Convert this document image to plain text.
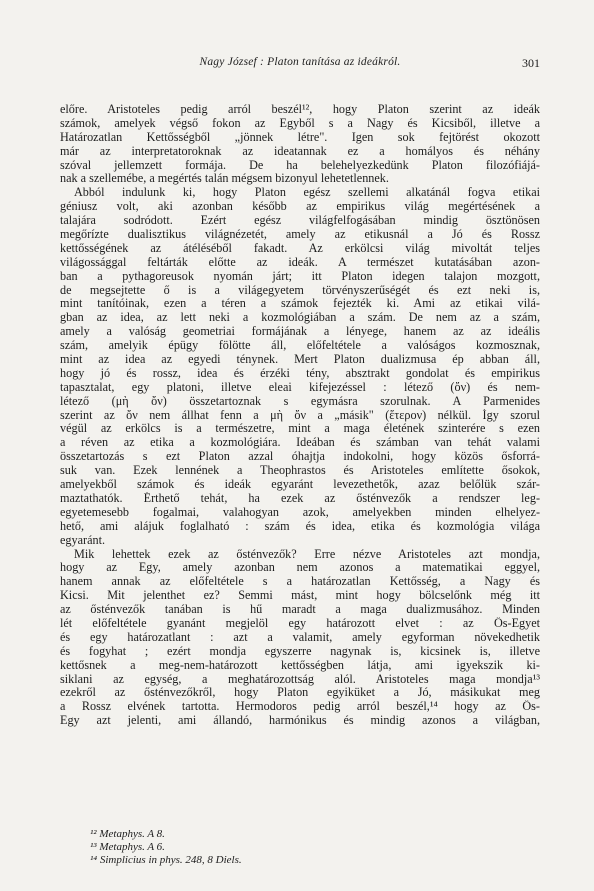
Nagy József : Platon tanítása az ideákról.	301
előre. Aristoteles pedig arról beszél¹², hogy Platon szerint az ideák
számok, amelyek végső fokon az Egyből s a Nagy és Kicsiből, illetve a
Határozatlan Kettősségből „jönnek létre". Igen sok fejtörést okozott
már az interpretatoroknak az ideatannak ez a homályos és néhány
szóval jellemzett formája. De ha belehelyezkedünk Platon filozófiájá-
nak a szellemébe, a megértés talán mégsem bizonyul lehetetlennek.
Abból indulunk ki, hogy Platon egész szellemi alkatánál fogva etikai
géniusz volt, aki azonban később az empirikus világ megértésének a
talajára sodródott. Ezért egész világfelfogásában mindig ösztönösen
megőrízte dualisztikus világnézetét, amely az etikusnál a Jó és Rossz
kettősségének az átéléséből fakadt. Az erkölcsi világ mivoltát teljes
világossággal feltárták előtte az ideák. A természet kutatásában azon-
ban a pythagoreusok nyomán járt; itt Platon idegen talajon mozgott,
de megsejtette ő is a világegyetem törvényszerűségét és ezt neki is,
mint tanítóinak, ezen a téren a számok fejezték ki. Ami az etikai vilá-
gban az idea, az lett neki a kozmológiában a szám. De nem az a szám,
amely a valóság geometriai formájának a lényege, hanem az az ideális
szám, amelyik épügy fölötte áll, előfeltétele a valóságos kozmosznak,
mint az idea az egyedi ténynek. Mert Platon dualizmusa ép abban áll,
hogy jó és rossz, idea és érzéki tény, absztrakt gondolat és empirikus
tapasztalat, egy platoni, illetve eleai kifejezéssel : létező (ὄν) és nem-
létező (μὴ ὄν) összetartoznak s egymásra szorulnak. A Parmenides
szerint az ὄν nem állhat fenn a μὴ ὄν a „másik" (ἕτερον) nélkül. Így szorul
végül az erkölcs is a természetre, mint a maga életének szinterére s ezen
a réven az etika a kozmológiára. Ideában és számban van tehát valami
összetartozás s ezt Platon azzal óhajtja indokolni, hogy közös ősforrá-
suk van. Ezek lennének a Theophrastos és Aristoteles említette ősokok,
amelyekből számok és ideák egyaránt levezethetők, azaz belőlük szár-
maztathatók. Érthető tehát, ha ezek az ősténvezők a rendszer leg-
egyetemesebb fogalmai, valahogyan azok, amelyekben minden elhelyez-
hető, ami alájuk foglalható : szám és idea, etika és kozmológia világa
egyaránt.
Mik lehettek ezek az ősténvezők? Erre nézve Aristoteles azt mondja,
hogy az Egy, amely azonban nem azonos a matematikai eggyel,
hanem annak az előfeltétele s a határozatlan Kettősség, a Nagy és
Kicsi. Mit jelenthet ez? Semmi mást, mint hogy bölcselőnk még itt
az ősténvezők tanában is hű maradt a maga dualizmusához. Minden
lét előfeltétele gyanánt megjelöl egy határozott elvet : az Ős-Egyet
és egy határozatlant : azt a valamit, amely egyforman növekedhetik
és fogyhat ; ezért mondja egyszerre nagynak is, kicsinek is, illetve
kettősnek a meg-nem-határozott kettősségben látja, ami igyekszik ki-
siklani az egység, a meghatározottság alól. Aristoteles maga mondja¹³
ezekről az ősténvezőkről, hogy Platon egyiküket a Jó, másikukat meg
a Rossz elvének tartotta. Hermodoros pedig arról beszél,¹⁴ hogy az Ős-
Egy azt jelenti, ami állandó, harmónikus és mindig azonos a világban,
¹² Metaphys. A 8.
¹³ Metaphys. A 6.
¹⁴ Simplicius in phys. 248, 8 Diels.
